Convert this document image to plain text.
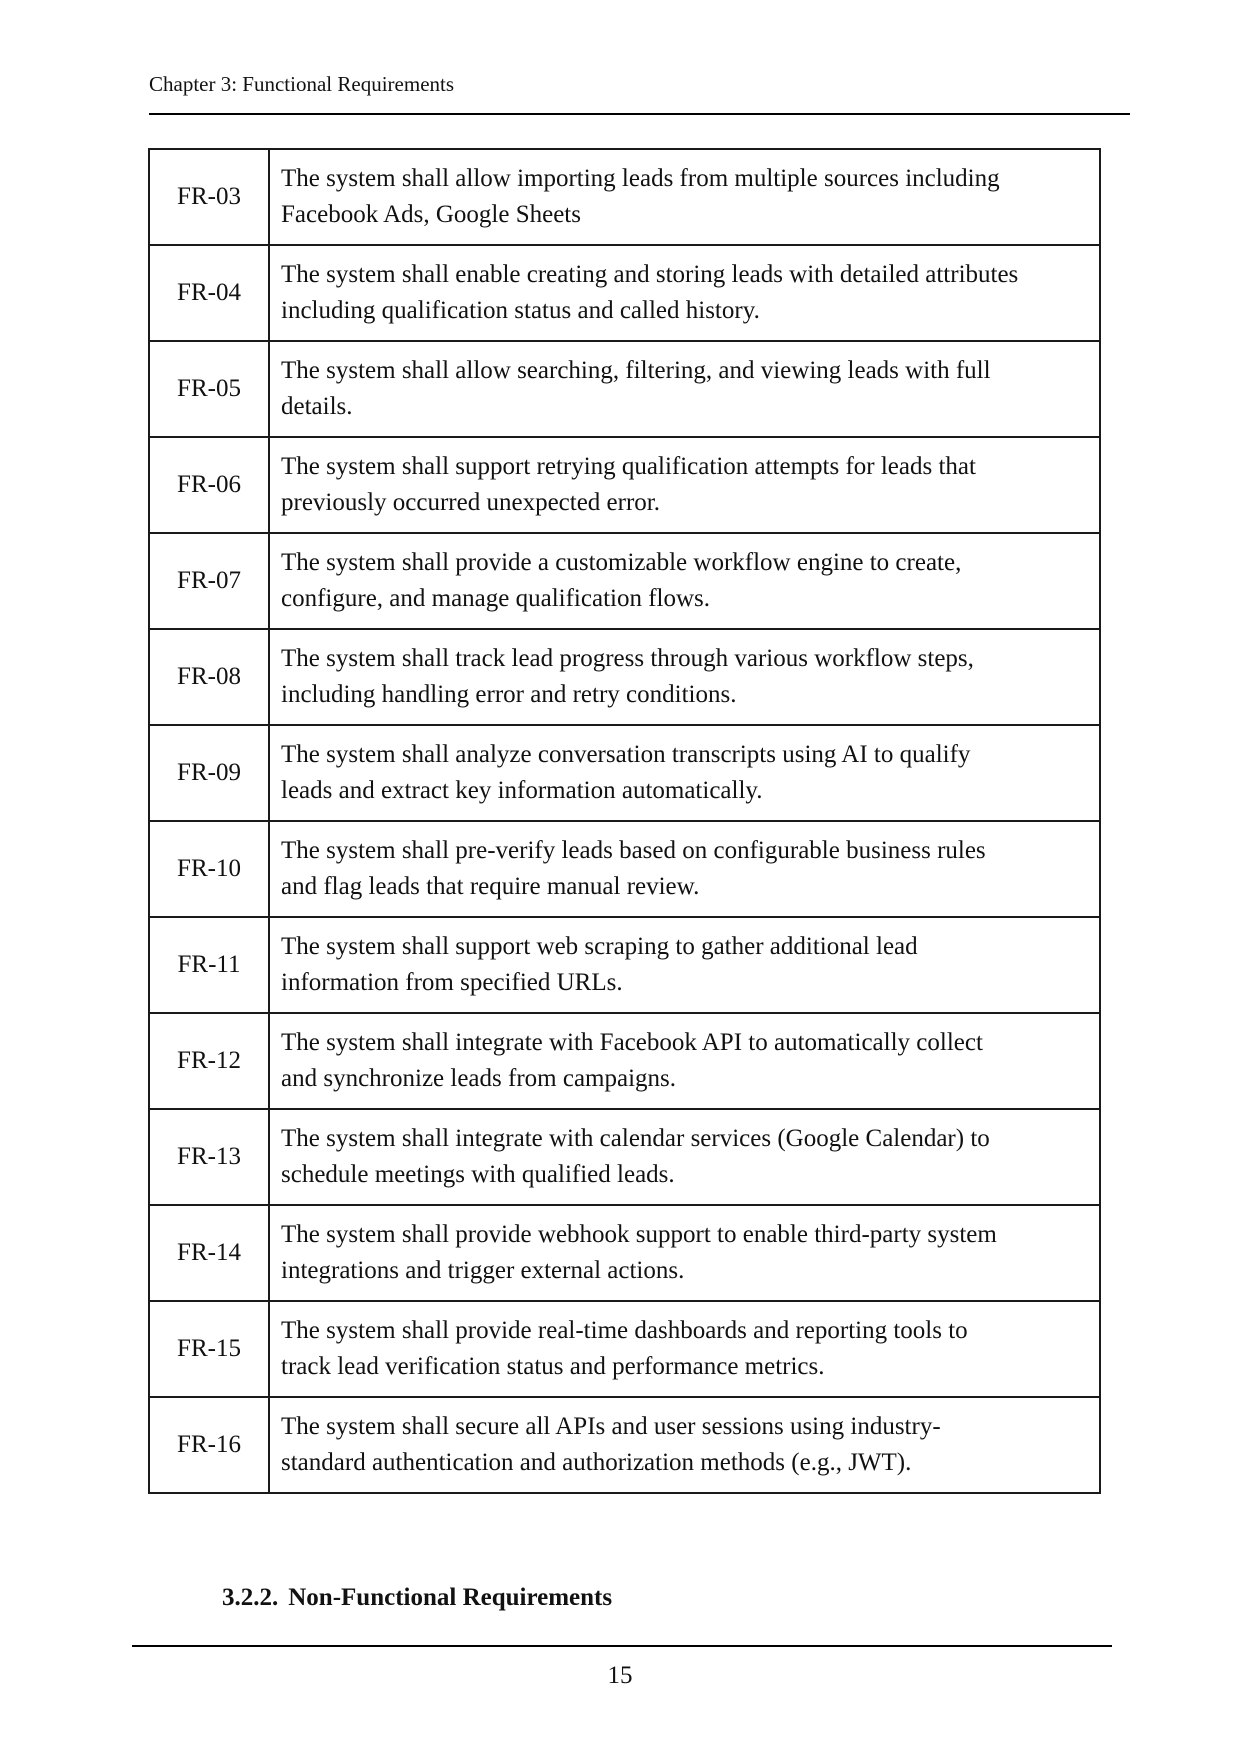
Chapter 3: Functional Requirements
FR-03	The system shall allow importing leads from multiple sources including
Facebook Ads, Google Sheets

FR-04	The system shall enable creating and storing leads with detailed attributes
including qualification status and called history.

FR-05	The system shall allow searching, filtering, and viewing leads with full
details.

FR-06	The system shall support retrying qualification attempts for leads that
previously occurred unexpected error.

FR-07	The system shall provide a customizable workflow engine to create,
configure, and manage qualification flows.

FR-08	The system shall track lead progress through various workflow steps,
including handling error and retry conditions.

FR-09	The system shall analyze conversation transcripts using AI to qualify
leads and extract key information automatically.

FR-10	The system shall pre-verify leads based on configurable business rules
and flag leads that require manual review.

FR-11	The system shall support web scraping to gather additional lead
information from specified URLs.

FR-12	The system shall integrate with Facebook API to automatically collect
and synchronize leads from campaigns.

FR-13	The system shall integrate with calendar services (Google Calendar) to
schedule meetings with qualified leads.

FR-14	The system shall provide webhook support to enable third-party system
integrations and trigger external actions.

FR-15	The system shall provide real-time dashboards and reporting tools to
track lead verification status and performance metrics.

FR-16	The system shall secure all APIs and user sessions using industry-
standard authentication and authorization methods (e.g., JWT).
3.2.2. Non-Functional Requirements
15
